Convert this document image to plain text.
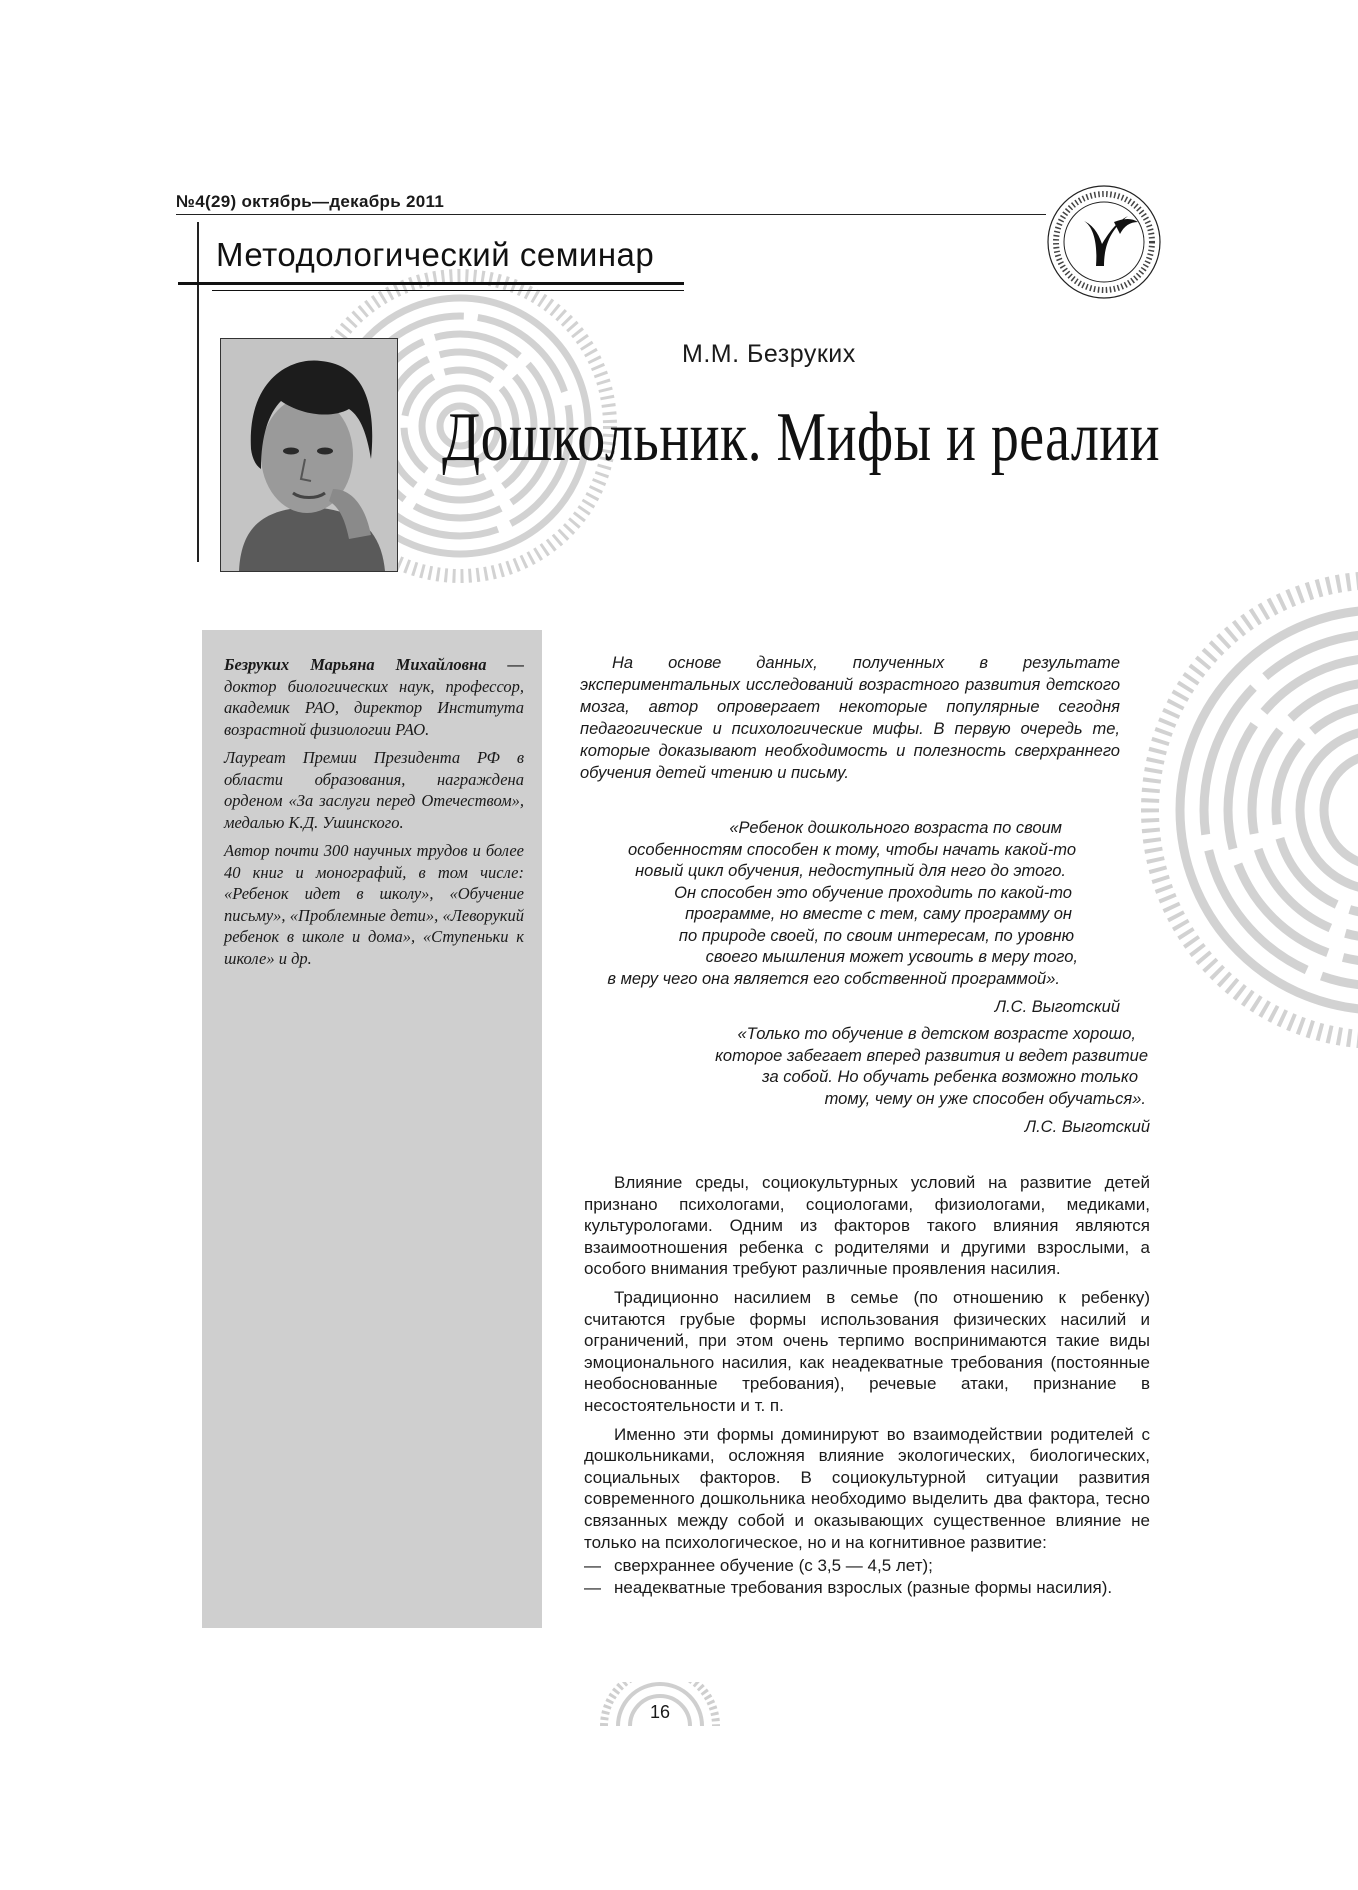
№4(29) октябрь—декабрь 2011
Методологический семинар
М.М. Безруких
Дошкольник. Мифы и реалии

Безруких Марьяна Михайловна — доктор биологических наук, профессор, академик РАО, директор Института возрастной физиологии РАО.

Лауреат Премии Президента РФ в области образования, награждена орденом «За заслуги перед Отечеством», медалью К.Д. Ушинского.

Автор почти 300 научных трудов и более 40 книг и монографий, в том числе: «Ребенок идет в школу», «Обучение письму», «Проблемные дети», «Леворукий ребенок в школе и дома», «Ступеньки к школе» и др.

На основе данных, полученных в результате экспериментальных исследований возрастного развития детского мозга, автор опровергает некоторые популярные сегодня педагогические и психологические мифы. В первую очередь те, которые доказывают необходимость и полезность сверхраннего обучения детей чтению и письму.

«Ребенок дошкольного возраста по своим
особенностям способен к тому, чтобы начать какой-то
новый цикл обучения, недоступный для него до этого.
Он способен это обучение проходить по какой-то
программе, но вместе с тем, саму программу он
по природе своей, по своим интересам, по уровню
своего мышления может усвоить в меру того,
в меру чего она является его собственной программой».
Л.С. Выготский
«Только то обучение в детском возрасте хорошо,
которое забегает вперед развития и ведет развитие
за собой. Но обучать ребенка возможно только
тому, чему он уже способен обучаться».
Л.С. Выготский

Влияние среды, социокультурных условий на развитие детей признано психологами, социологами, физиологами, медиками, культурологами. Одним из факторов такого влияния являются взаимоотношения ребенка с родителями и другими взрослыми, а особого внимания требуют различные проявления насилия.

Традиционно насилием в семье (по отношению к ребенку) считаются грубые формы использования физических насилий и ограничений, при этом очень терпимо воспринимаются такие виды эмоционального насилия, как неадекватные требования (постоянные необоснованные требования), речевые атаки, признание в несостоятельности и т. п.

Именно эти формы доминируют во взаимодействии родителей с дошкольниками, осложняя влияние экологических, биологических, социальных факторов. В социокультурной ситуации развития современного дошкольника необходимо выделить два фактора, тесно связанных между собой и оказывающих существенное влияние не только на психологическое, но и на когнитивное развитие:

— сверхраннее обучение (с 3,5 — 4,5 лет);
— неадекватные требования взрослых (разные формы насилия).
16
